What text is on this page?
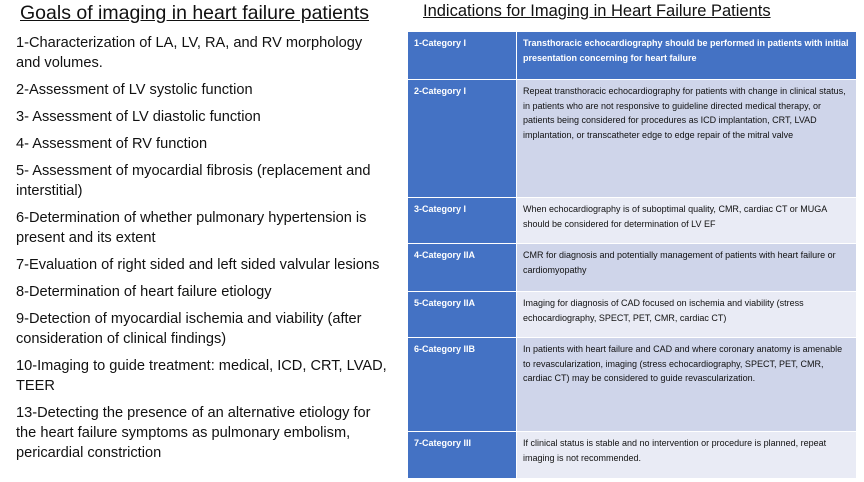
Goals of imaging in heart failure patients
1-Characterization of LA, LV, RA, and RV morphology and volumes.
2-Assessment of LV systolic function
3- Assessment of LV diastolic function
4- Assessment of RV function
5- Assessment of myocardial fibrosis (replacement and interstitial)
6-Determination of whether pulmonary hypertension is present and its extent
7-Evaluation of right sided and left sided valvular lesions
8-Determination of heart failure etiology
9-Detection of myocardial ischemia and viability (after consideration of clinical findings)
10-Imaging to guide treatment: medical, ICD, CRT, LVAD, TEER
13-Detecting the presence of an alternative etiology for the heart failure symptoms as pulmonary embolism, pericardial constriction
Indications for Imaging in Heart Failure Patients
1-Category I	Transthoracic echocardiography should be performed in patients with initial presentation concerning for heart failure
2-Category I	Repeat transthoracic echocardiography for patients with change in clinical status, in patients who are not responsive to guideline directed medical therapy, or patients being considered for procedures as ICD implantation, CRT, LVAD implantation, or transcatheter edge to edge repair of the mitral valve
3-Category I	When echocardiography is of suboptimal quality, CMR, cardiac CT or MUGA should be considered for determination of LV EF
4-Category IIA	CMR for diagnosis and potentially management of patients with heart failure or cardiomyopathy
5-Category IIA	Imaging for diagnosis of CAD focused on ischemia and viability (stress echocardiography, SPECT, PET, CMR, cardiac CT)
6-Category IIB	In patients with heart failure and CAD and where coronary anatomy is amenable to revascularization, imaging (stress echocardiography, SPECT, PET, CMR, cardiac CT) may be considered to guide revascularization.
7-Category III	If clinical status is stable and no intervention or procedure is planned, repeat imaging is not recommended.
